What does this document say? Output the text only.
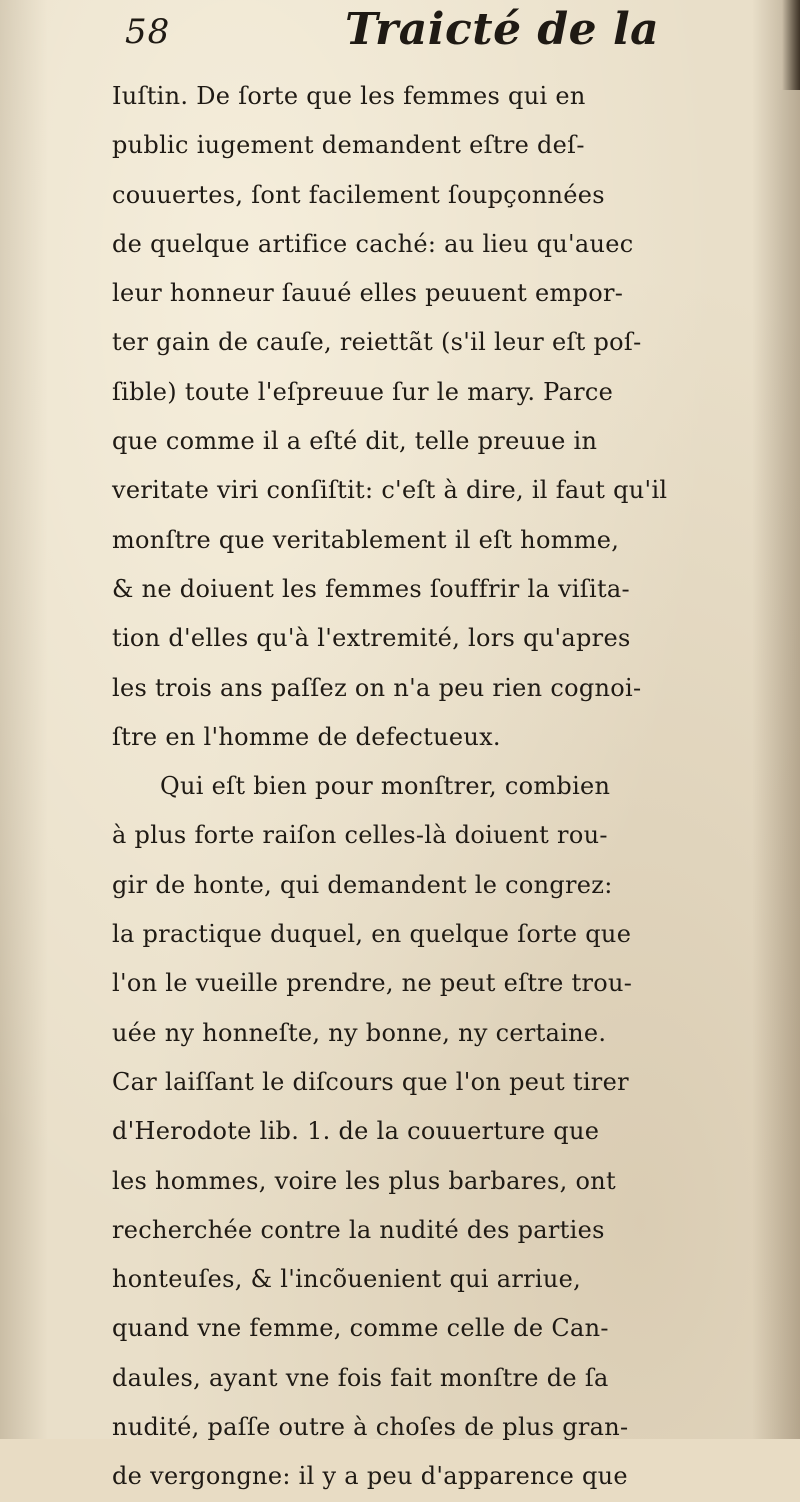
58	Traicté de la
Iuſtin. De ſorte que les femmes qui en
public iugement demandent eſtre deſ-
couuertes, ſont facilement ſoupçonnées
de quelque artifice caché: au lieu qu'auec
leur honneur ſauué elles peuuent empor-
ter gain de cauſe, reiettãt (s'il leur eſt poſ-
ſible) toute l'eſpreuue ſur le mary. Parce
que comme il a eſté dit, telle preuue in
veritate viri conſiſtit: c'eſt à dire, il faut qu'il
monſtre que veritablement il eſt homme,
& ne doiuent les femmes ſouffrir la viſita-
tion d'elles qu'à l'extremité, lors qu'apres
les trois ans paſſez on n'a peu rien cognoi-
ſtre en l'homme de defectueux.
Qui eſt bien pour monſtrer, combien
à plus forte raiſon celles-là doiuent rou-
gir de honte, qui demandent le congrez:
la practique duquel, en quelque ſorte que
l'on le vueille prendre, ne peut eſtre trou-
uée ny honneſte, ny bonne, ny certaine.
Car laiſſant le diſcours que l'on peut tirer
d'Herodote lib. 1. de la couuerture que
les hommes, voire les plus barbares, ont
recherchée contre la nudité des parties
honteuſes, & l'incõuenient qui arriue,
quand vne femme, comme celle de Can-
daules, ayant vne fois fait monſtre de ſa
nudité, paſſe outre à choſes de plus gran-
de vergongne: il y a peu d'apparence que
